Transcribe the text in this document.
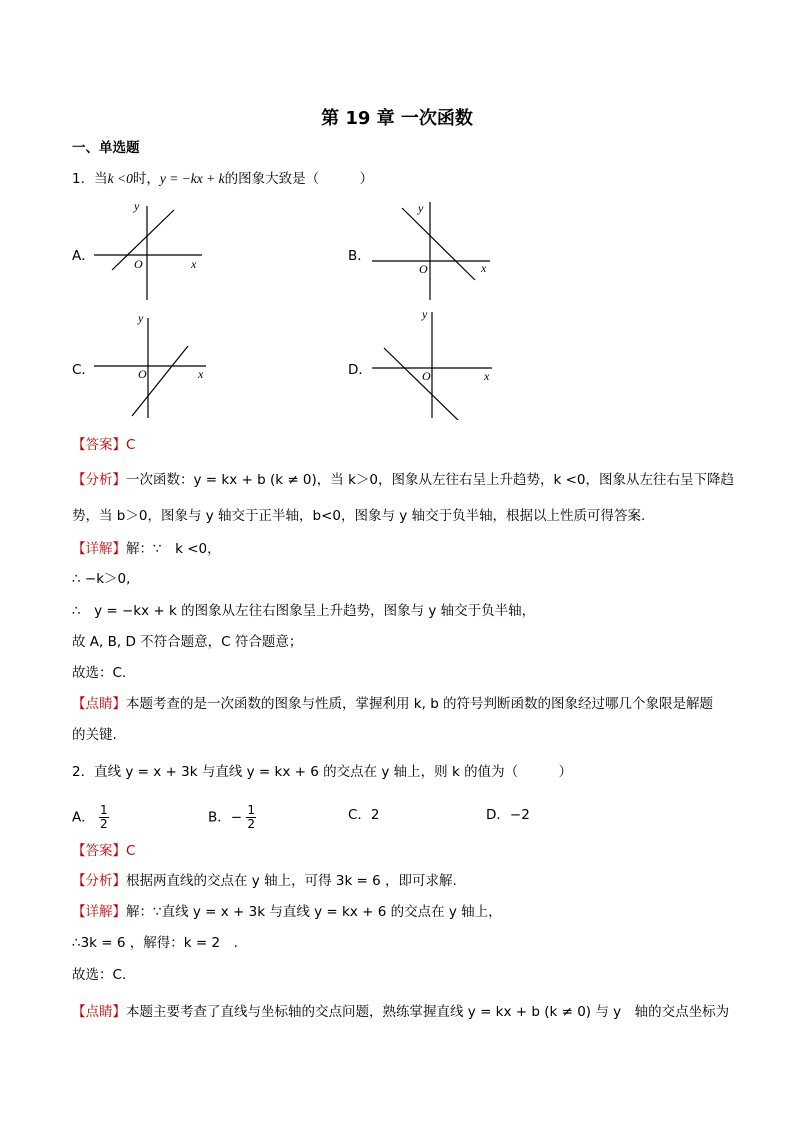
第 19 章 一次函数
一、单选题
1．当k <0时，y = −kx + k的图象大致是（　　　）
A．
y
O	x	B．
y
O	x
C．
y
O	x	D．
y
O	x
【答案】C
【分析】一次函数：y = kx + b (k ≠ 0)，当 k＞0，图象从左往右呈上升趋势，k <0，图象从左往右呈下降趋
势，当 b＞0，图象与 y 轴交于正半轴，b<0，图象与 y 轴交于负半轴，根据以上性质可得答案.
【详解】解：∵　k <0，
∴ −k＞0,
∴　y = −kx + k 的图象从左往右图象呈上升趋势，图象与 y 轴交于负半轴，
故 A, B, D 不符合题意，C 符合题意；
故选：C.
【点睛】本题考查的是一次函数的图象与性质，掌握利用 k, b 的符号判断函数的图象经过哪几个象限是解题
的关键.
2．直线 y = x + 3k 与直线 y = kx + 6 的交点在 y 轴上，则 k 的值为（　　　）
A． $\frac{1}{2}$	B．− $\frac{1}{2}$	C．2	D．−2
【答案】C
【分析】根据两直线的交点在 y 轴上，可得 3k = 6 ，即可求解.
【详解】解：∵直线 y = x + 3k 与直线 y = kx + 6 的交点在 y 轴上，
∴3k = 6 ，解得：k = 2　.
故选：C.
【点睛】本题主要考查了直线与坐标轴的交点问题，熟练掌握直线 y = kx + b (k ≠ 0) 与 y　轴的交点坐标为
